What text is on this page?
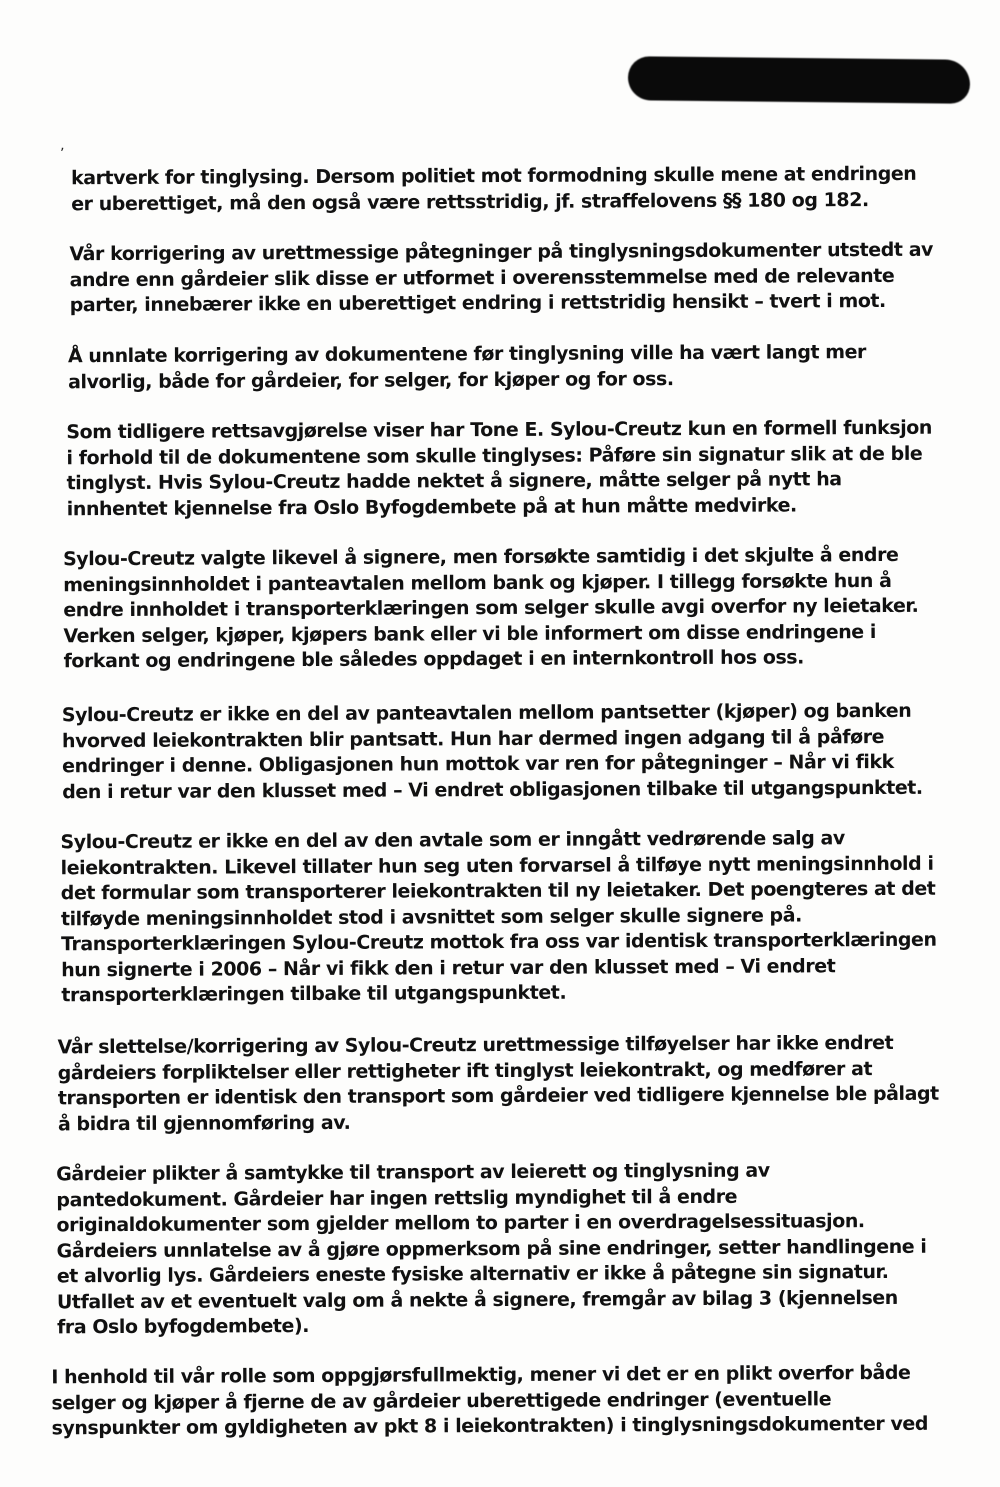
ʼ
kartverk for tinglysing. Dersom politiet mot formodning skulle mene at endringen
er uberettiget, må den også være rettsstridig, jf. straffelovens §§ 180 og 182.
Vår korrigering av urettmessige påtegninger på tinglysningsdokumenter utstedt av
andre enn gårdeier slik disse er utformet i overensstemmelse med de relevante
parter, innebærer ikke en uberettiget endring i rettstridig hensikt – tvert i mot.
Å unnlate korrigering av dokumentene før tinglysning ville ha vært langt mer
alvorlig, både for gårdeier, for selger, for kjøper og for oss.
Som tidligere rettsavgjørelse viser har Tone E. Sylou-Creutz kun en formell funksjon
i forhold til de dokumentene som skulle tinglyses: Påføre sin signatur slik at de ble
tinglyst. Hvis Sylou-Creutz hadde nektet å signere, måtte selger på nytt ha
innhentet kjennelse fra Oslo Byfogdembete på at hun måtte medvirke.
Sylou-Creutz valgte likevel å signere, men forsøkte samtidig i det skjulte å endre
meningsinnholdet i panteavtalen mellom bank og kjøper. I tillegg forsøkte hun å
endre innholdet i transporterklæringen som selger skulle avgi overfor ny leietaker.
Verken selger, kjøper, kjøpers bank eller vi ble informert om disse endringene i
forkant og endringene ble således oppdaget i en internkontroll hos oss.
Sylou-Creutz er ikke en del av panteavtalen mellom pantsetter (kjøper) og banken
hvorved leiekontrakten blir pantsatt. Hun har dermed ingen adgang til å påføre
endringer i denne. Obligasjonen hun mottok var ren for påtegninger – Når vi fikk
den i retur var den klusset med – Vi endret obligasjonen tilbake til utgangspunktet.
Sylou-Creutz er ikke en del av den avtale som er inngått vedrørende salg av
leiekontrakten. Likevel tillater hun seg uten forvarsel å tilføye nytt meningsinnhold i
det formular som transporterer leiekontrakten til ny leietaker. Det poengteres at det
tilføyde meningsinnholdet stod i avsnittet som selger skulle signere på.
Transporterklæringen Sylou-Creutz mottok fra oss var identisk transporterklæringen
hun signerte i 2006 – Når vi fikk den i retur var den klusset med – Vi endret
transporterklæringen tilbake til utgangspunktet.
Vår slettelse/korrigering av Sylou-Creutz urettmessige tilføyelser har ikke endret
gårdeiers forpliktelser eller rettigheter ift tinglyst leiekontrakt, og medfører at
transporten er identisk den transport som gårdeier ved tidligere kjennelse ble pålagt
å bidra til gjennomføring av.
Gårdeier plikter å samtykke til transport av leierett og tinglysning av
pantedokument. Gårdeier har ingen rettslig myndighet til å endre
originaldokumenter som gjelder mellom to parter i en overdragelsessituasjon.
Gårdeiers unnlatelse av å gjøre oppmerksom på sine endringer, setter handlingene i
et alvorlig lys. Gårdeiers eneste fysiske alternativ er ikke å påtegne sin signatur.
Utfallet av et eventuelt valg om å nekte å signere, fremgår av bilag 3 (kjennelsen
fra Oslo byfogdembete).
I henhold til vår rolle som oppgjørsfullmektig, mener vi det er en plikt overfor både
selger og kjøper å fjerne de av gårdeier uberettigede endringer (eventuelle
synspunkter om gyldigheten av pkt 8 i leiekontrakten) i tinglysningsdokumenter ved
